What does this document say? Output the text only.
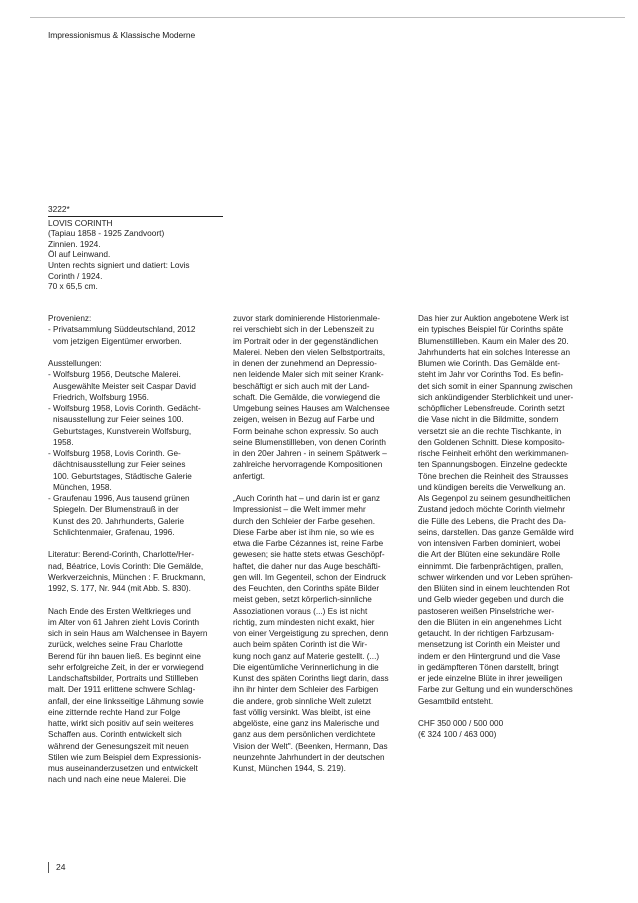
Impressionismus & Klassische Moderne
3222*
LOVIS CORINTH
(Tapiau 1858 - 1925 Zandvoort)
Zinnien. 1924.
Öl auf Leinwand.
Unten rechts signiert und datiert: Lovis
Corinth / 1924.
70 x 65,5 cm.
Provenienz:
- Privatsammlung Süddeutschland, 2012
vom jetzigen Eigentümer erworben.
Ausstellungen:
- Wolfsburg 1956, Deutsche Malerei.
Ausgewählte Meister seit Caspar David
Friedrich, Wolfsburg 1956.
- Wolfsburg 1958, Lovis Corinth. Gedächt-
nisausstellung zur Feier seines 100.
Geburtstages, Kunstverein Wolfsburg,
1958.
- Wolfsburg 1958, Lovis Corinth. Ge-
dächtnisausstellung zur Feier seines
100. Geburtstages, Städtische Galerie
München, 1958.
- Graufenau 1996, Aus tausend grünen
Spiegeln. Der Blumenstrauß in der
Kunst des 20. Jahrhunderts, Galerie
Schlichtenmaier, Grafenau, 1996.
Literatur: Berend-Corinth, Charlotte/Her-
nad, Béatrice, Lovis Corinth: Die Gemälde,
Werkverzeichnis, München : F. Bruckmann,
1992, S. 177, Nr. 944 (mit Abb. S. 830).
Nach Ende des Ersten Weltkrieges und
im Alter von 61 Jahren zieht Lovis Corinth
sich in sein Haus am Walchensee in Bayern
zurück, welches seine Frau Charlotte
Berend für ihn bauen ließ. Es beginnt eine
sehr erfolgreiche Zeit, in der er vorwiegend
Landschaftsbilder, Portraits und Stillleben
malt. Der 1911 erlittene schwere Schlag-
anfall, der eine linksseitige Lähmung sowie
eine zitternde rechte Hand zur Folge
hatte, wirkt sich positiv auf sein weiteres
Schaffen aus. Corinth entwickelt sich
während der Genesungszeit mit neuen
Stilen wie zum Beispiel dem Expressionis-
mus auseinanderzusetzen und entwickelt
nach und nach eine neue Malerei. Die
zuvor stark dominierende Historienmale-
rei verschiebt sich in der Lebenszeit zu
im Portrait oder in der gegenständlichen
Malerei. Neben den vielen Selbstportraits,
in denen der zunehmend an Depressio-
nen leidende Maler sich mit seiner Krank-
beschäftigt er sich auch mit der Land-
schaft. Die Gemälde, die vorwiegend die
Umgebung seines Hauses am Walchensee
zeigen, weisen in Bezug auf Farbe und
Form beinahe schon expressiv. So auch
seine Blumenstillleben, von denen Corinth
in den 20er Jahren - in seinem Spätwerk –
zahlreiche hervorragende Kompositionen
anfertigt.
„Auch Corinth hat – und darin ist er ganz
Impressionist – die Welt immer mehr
durch den Schleier der Farbe gesehen.
Diese Farbe aber ist ihm nie, so wie es
etwa die Farbe Cézannes ist, reine Farbe
gewesen; sie hatte stets etwas Geschöpf-
haftet, die daher nur das Auge beschäfti-
gen will. Im Gegenteil, schon der Eindruck
des Feuchten, den Corinths späte Bilder
meist geben, setzt körperlich-sinnliche
Assoziationen voraus (...) Es ist nicht
richtig, zum mindesten nicht exakt, hier
von einer Vergeistigung zu sprechen, denn
auch beim späten Corinth ist die Wir-
kung noch ganz auf Materie gestellt. (...)
Die eigentümliche Verinnerlichung in die
Kunst des späten Corinths liegt darin, dass
ihn ihr hinter dem Schleier des Farbigen
die andere, grob sinnliche Welt zuletzt
fast völlig versinkt. Was bleibt, ist eine
abgelöste, eine ganz ins Malerische und
ganz aus dem persönlichen verdichtete
Vision der Welt". (Beenken, Hermann, Das
neunzehnte Jahrhundert in der deutschen
Kunst, München 1944, S. 219).
Das hier zur Auktion angebotene Werk ist
ein typisches Beispiel für Corinths späte
Blumenstillleben. Kaum ein Maler des 20.
Jahrhunderts hat ein solches Interesse an
Blumen wie Corinth. Das Gemälde ent-
steht im Jahr vor Corinths Tod. Es befin-
det sich somit in einer Spannung zwischen
sich ankündigender Sterblichkeit und uner-
schöpflicher Lebensfreude. Corinth setzt
die Vase nicht in die Bildmitte, sondern
versetzt sie an die rechte Tischkante, in
den Goldenen Schnitt. Diese komposito-
rische Feinheit erhöht den werkimmanen-
ten Spannungsbogen. Einzelne gedeckte
Töne brechen die Reinheit des Strausses
und kündigen bereits die Verwelkung an.
Als Gegenpol zu seinem gesundheitlichen
Zustand jedoch möchte Corinth vielmehr
die Fülle des Lebens, die Pracht des Da-
seins, darstellen. Das ganze Gemälde wird
von intensiven Farben dominiert, wobei
die Art der Blüten eine sekundäre Rolle
einnimmt. Die farbenprächtigen, prallen,
schwer wirkenden und vor Leben sprühen-
den Blüten sind in einem leuchtenden Rot
und Gelb wieder gegeben und durch die
pastoseren weißen Pinselstriche wer-
den die Blüten in ein angenehmes Licht
getaucht. In der richtigen Farbzusam-
mensetzung ist Corinth ein Meister und
indem er den Hintergrund und die Vase
in gedämpfteren Tönen darstellt, bringt
er jede einzelne Blüte in ihrer jeweiligen
Farbe zur Geltung und ein wunderschönes
Gesamtbild entsteht.
CHF 350 000 / 500 000
(€ 324 100 / 463 000)
24
